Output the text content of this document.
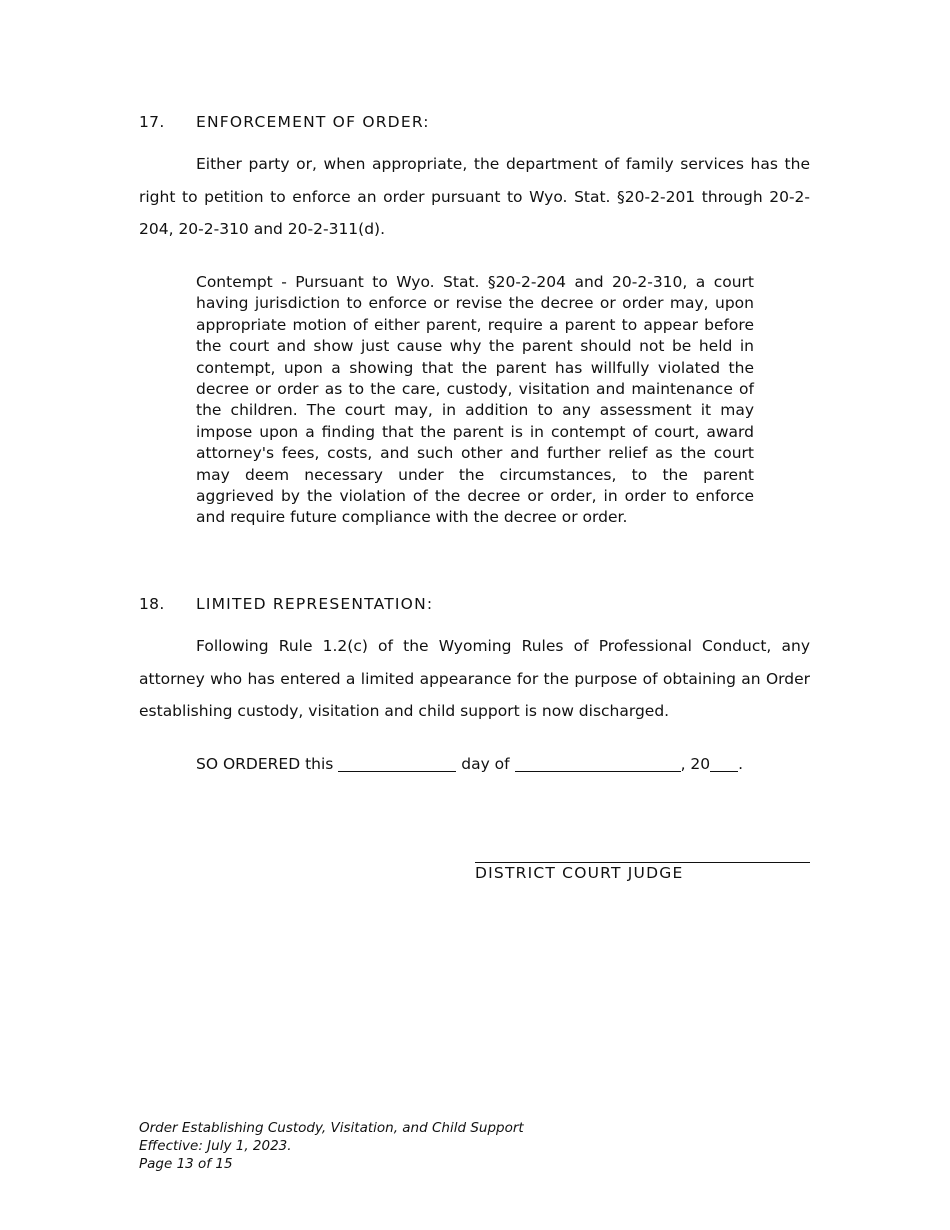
17. ENFORCEMENT OF ORDER:

Either party or, when appropriate, the department of family services has the right to petition to enforce an order pursuant to Wyo. Stat. §20-2-201 through 20-2-204, 20-2-310 and 20-2-311(d).

Contempt - Pursuant to Wyo. Stat. §20-2-204 and 20-2-310, a court having jurisdiction to enforce or revise the decree or order may, upon appropriate motion of either parent, require a parent to appear before the court and show just cause why the parent should not be held in contempt, upon a showing that the parent has willfully violated the decree or order as to the care, custody, visitation and maintenance of the children. The court may, in addition to any assessment it may impose upon a finding that the parent is in contempt of court, award attorney's fees, costs, and such other and further relief as the court may deem necessary under the circumstances, to the parent aggrieved by the violation of the decree or order, in order to enforce and require future compliance with the decree or order.

18. LIMITED REPRESENTATION:

Following Rule 1.2(c) of the Wyoming Rules of Professional Conduct, any attorney who has entered a limited appearance for the purpose of obtaining an Order establishing custody, visitation and child support is now discharged.

SO ORDERED this	day of	, 20 .
DISTRICT COURT JUDGE
Order Establishing Custody, Visitation, and Child Support
Effective: July 1, 2023.
Page 13 of 15
